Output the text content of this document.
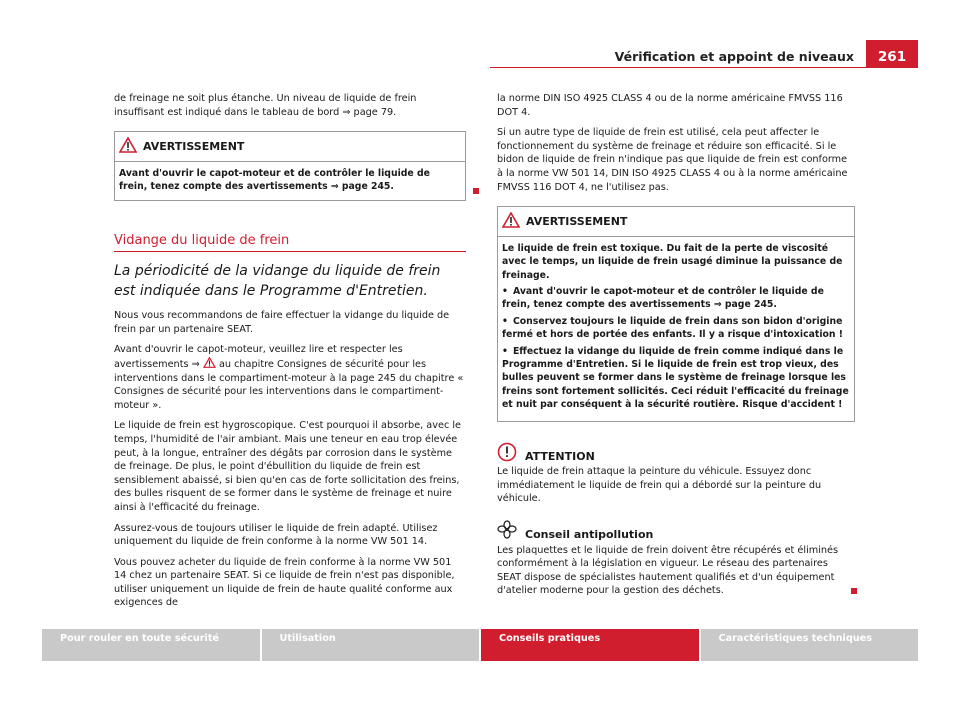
Vérification et appoint de niveaux	261

de freinage ne soit plus étanche. Un niveau de liquide de frein insuffisant est indiqué dans le tableau de bord ⇒ page 79.

AVERTISSEMENT
Avant d'ouvrir le capot-moteur et de contrôler le liquide de frein, tenez compte des avertissements ⇒ page 245.
Vidange du liquide de frein
La périodicité de la vidange du liquide de frein est indiquée dans le Programme d'Entretien.

Nous vous recommandons de faire effectuer la vidange du liquide de frein par un partenaire SEAT.

Avant d'ouvrir le capot-moteur, veuillez lire et respecter les avertissements ⇒ au chapitre Consignes de sécurité pour les interventions dans le compartiment-moteur à la page 245 du chapitre « Consignes de sécurité pour les interventions dans le compartiment-moteur ».

Le liquide de frein est hygroscopique. C'est pourquoi il absorbe, avec le temps, l'humidité de l'air ambiant. Mais une teneur en eau trop élevée peut, à la longue, entraîner des dégâts par corrosion dans le système de freinage. De plus, le point d'ébullition du liquide de frein est sensiblement abaissé, si bien qu'en cas de forte sollicitation des freins, des bulles risquent de se former dans le système de freinage et nuire ainsi à l'efficacité du freinage.

Assurez-vous de toujours utiliser le liquide de frein adapté. Utilisez uniquement du liquide de frein conforme à la norme VW 501 14.

Vous pouvez acheter du liquide de frein conforme à la norme VW 501 14 chez un partenaire SEAT. Si ce liquide de frein n'est pas disponible, utiliser uniquement un liquide de frein de haute qualité conforme aux exigences de

la norme DIN ISO 4925 CLASS 4 ou de la norme américaine FMVSS 116 DOT 4.

Si un autre type de liquide de frein est utilisé, cela peut affecter le fonctionnement du système de freinage et réduire son efficacité. Si le bidon de liquide de frein n'indique pas que liquide de frein est conforme à la norme VW 501 14, DIN ISO 4925 CLASS 4 ou à la norme américaine FMVSS 116 DOT 4, ne l'utilisez pas.

AVERTISSEMENT

Le liquide de frein est toxique. Du fait de la perte de viscosité avec le temps, un liquide de frein usagé diminue la puissance de freinage.

• Avant d'ouvrir le capot-moteur et de contrôler le liquide de frein, tenez compte des avertissements ⇒ page 245.

• Conservez toujours le liquide de frein dans son bidon d'origine fermé et hors de portée des enfants. Il y a risque d'intoxication !

• Effectuez la vidange du liquide de frein comme indiqué dans le Programme d'Entretien. Si le liquide de frein est trop vieux, des bulles peuvent se former dans le système de freinage lorsque les freins sont fortement sollicités. Ceci réduit l'efficacité du freinage et nuit par conséquent à la sécurité routière. Risque d'accident !

ATTENTION

Le liquide de frein attaque la peinture du véhicule. Essuyez donc immédiatement le liquide de frein qui a débordé sur la peinture du véhicule.

Conseil antipollution

Les plaquettes et le liquide de frein doivent être récupérés et éliminés conformément à la législation en vigueur. Le réseau des partenaires SEAT dispose de spécialistes hautement qualifiés et d'un équipement d'atelier moderne pour la gestion des déchets.

Pour rouler en toute sécurité	Utilisation	Conseils pratiques	Caractéristiques techniques
